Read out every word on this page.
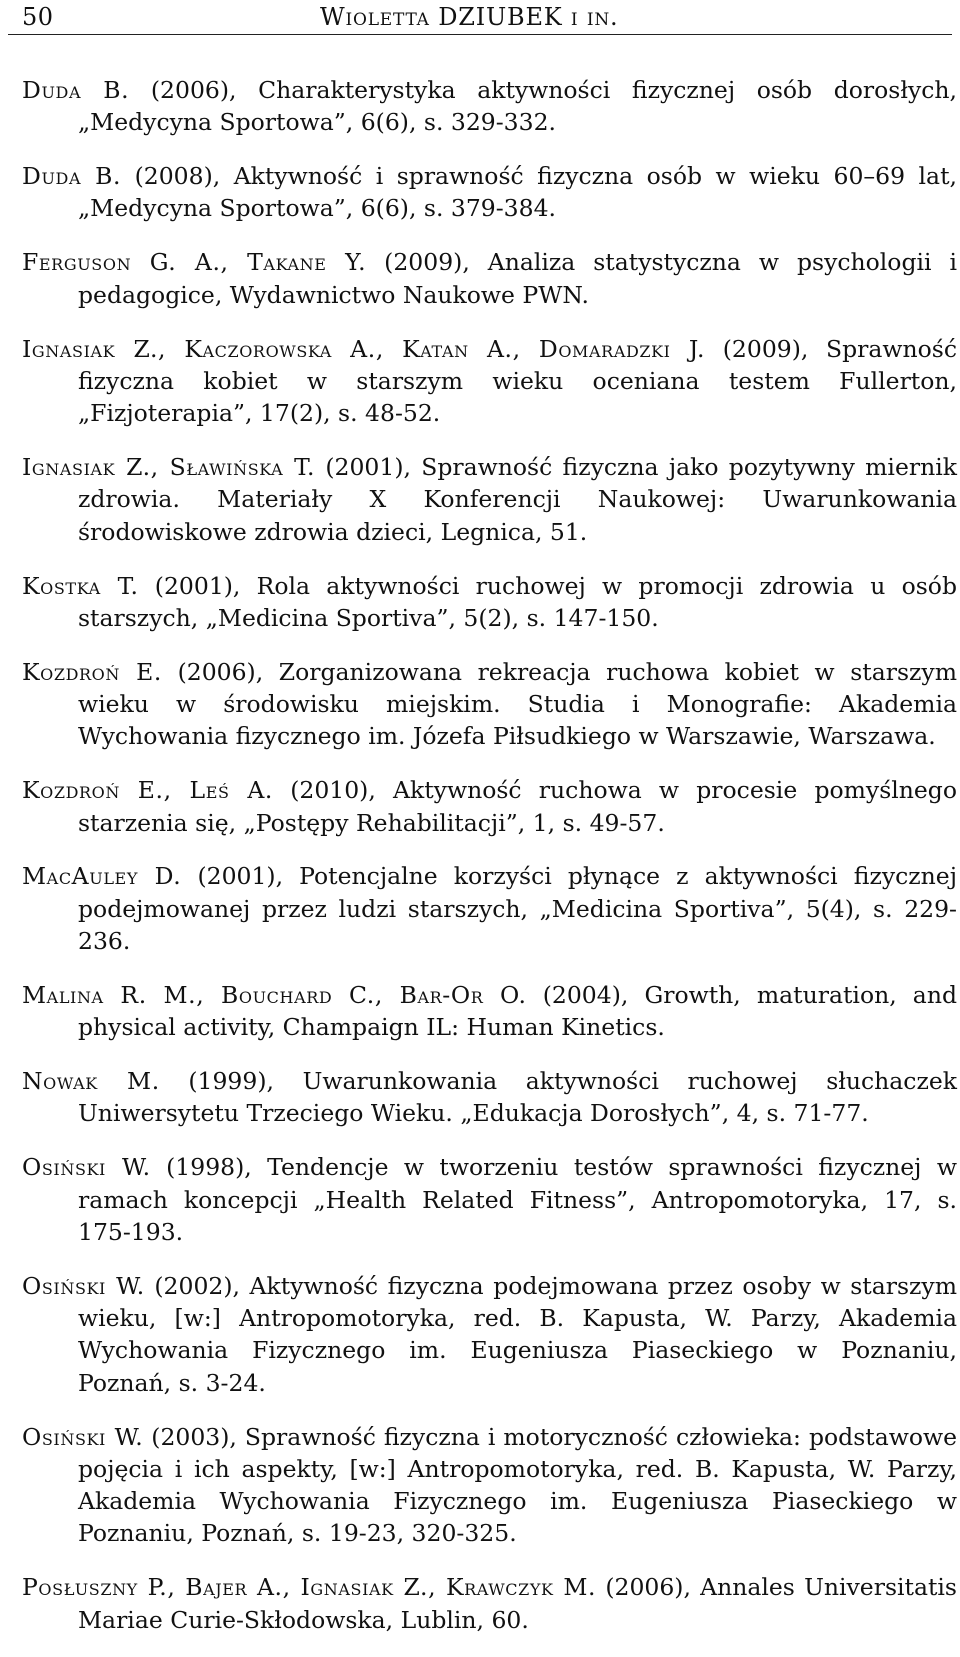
50	Wioletta DZIUBEK i in.
Duda B. (2006), Charakterystyka aktywności fizycznej osób dorosłych, „Medycyna Sportowa”, 6(6), s. 329-332.
Duda B. (2008), Aktywność i sprawność fizyczna osób w wieku 60–69 lat, „Medycyna Sportowa”, 6(6), s. 379-384.
Ferguson G. A., Takane Y. (2009), Analiza statystyczna w psychologii i pedagogice, Wydawnictwo Naukowe PWN.
Ignasiak Z., Kaczorowska A., Katan A., Domaradzki J. (2009), Sprawność fizyczna kobiet w starszym wieku oceniana testem Fullerton, „Fizjoterapia”, 17(2), s. 48-52.
Ignasiak Z., Sławińska T. (2001), Sprawność fizyczna jako pozytywny miernik zdrowia. Materiały X Konferencji Naukowej: Uwarunkowania środowiskowe zdrowia dzieci, Legnica, 51.
Kostka T. (2001), Rola aktywności ruchowej w promocji zdrowia u osób starszych, „Medicina Sportiva”, 5(2), s. 147-150.
Kozdroń E. (2006), Zorganizowana rekreacja ruchowa kobiet w starszym wieku w środowisku miejskim. Studia i Monografie: Akademia Wychowania fizycznego im. Józefa Piłsudkiego w Warszawie, Warszawa.
Kozdroń E., Leś A. (2010), Aktywność ruchowa w procesie pomyślnego starzenia się, „Postępy Rehabilitacji”, 1, s. 49-57.
MacAuley D. (2001), Potencjalne korzyści płynące z aktywności fizycznej podejmowanej przez ludzi starszych, „Medicina Sportiva”, 5(4), s. 229-236.
Malina R. M., Bouchard C., Bar-Or O. (2004), Growth, maturation, and physical activity, Champaign IL: Human Kinetics.
Nowak M. (1999), Uwarunkowania aktywności ruchowej słuchaczek Uniwersytetu Trzeciego Wieku. „Edukacja Dorosłych”, 4, s. 71-77.
Osiński W. (1998), Tendencje w tworzeniu testów sprawności fizycznej w ramach koncepcji „Health Related Fitness”, Antropomotoryka, 17, s. 175-193.
Osiński W. (2002), Aktywność fizyczna podejmowana przez osoby w starszym wieku, [w:] Antropomotoryka, red. B. Kapusta, W. Parzy, Akademia Wychowania Fizycznego im. Eugeniusza Piaseckiego w Poznaniu, Poznań, s. 3-24.
Osiński W. (2003), Sprawność fizyczna i motoryczność człowieka: podstawowe pojęcia i ich aspekty, [w:] Antropomotoryka, red. B. Kapusta, W. Parzy, Akademia Wychowania Fizycznego im. Eugeniusza Piaseckiego w Poznaniu, Poznań, s. 19-23, 320-325.
Posłuszny P., Bajer A., Ignasiak Z., Krawczyk M. (2006), Annales Universitatis Mariae Curie-Skłodowska, Lublin, 60.
